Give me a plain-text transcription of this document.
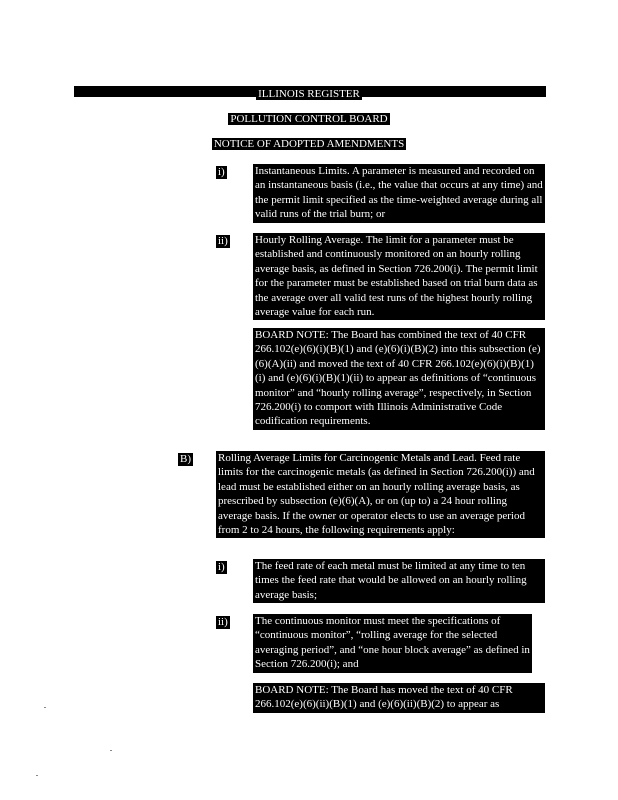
ILLINOIS REGISTER
POLLUTION CONTROL BOARD
NOTICE OF ADOPTED AMENDMENTS
i)	Instantaneous Limits. A parameter is measured and recorded on an instantaneous basis (i.e., the value that occurs at any time) and the permit limit specified as the time-weighted average during all valid runs of the trial burn; or
ii) Hourly Rolling Average. The limit for a parameter must be established and continuously monitored on an hourly rolling average basis, as defined in Section 726.200(i). The permit limit for the parameter must be established based on trial burn data as the average over all valid test runs of the highest hourly rolling average value for each run.
BOARD NOTE: The Board has combined the text of 40 CFR 266.102(e)(6)(i)(B)(1) and (e)(6)(i)(B)(2) into this subsection (e)(6)(A)(ii) and moved the text of 40 CFR 266.102(e)(6)(i)(B)(1)(i) and (e)(6)(i)(B)(1)(ii) to appear as definitions of “continuous monitor” and “hourly rolling average”, respectively, in Section 726.200(i) to comport with Illinois Administrative Code codification requirements.
B) Rolling Average Limits for Carcinogenic Metals and Lead. Feed rate limits for the carcinogenic metals (as defined in Section 726.200(i)) and lead must be established either on an hourly rolling average basis, as prescribed by subsection (e)(6)(A), or on (up to) a 24 hour rolling average basis. If the owner or operator elects to use an average period from 2 to 24 hours, the following requirements apply:
i)	The feed rate of each metal must be limited at any time to ten times the feed rate that would be allowed on an hourly rolling average basis;
ii) The continuous monitor must meet the specifications of “continuous monitor”, “rolling average for the selected averaging period”, and “one hour block average” as defined in Section 726.200(i); and
BOARD NOTE: The Board has moved the text of 40 CFR 266.102(e)(6)(ii)(B)(1) and (e)(6)(ii)(B)(2) to appear as
